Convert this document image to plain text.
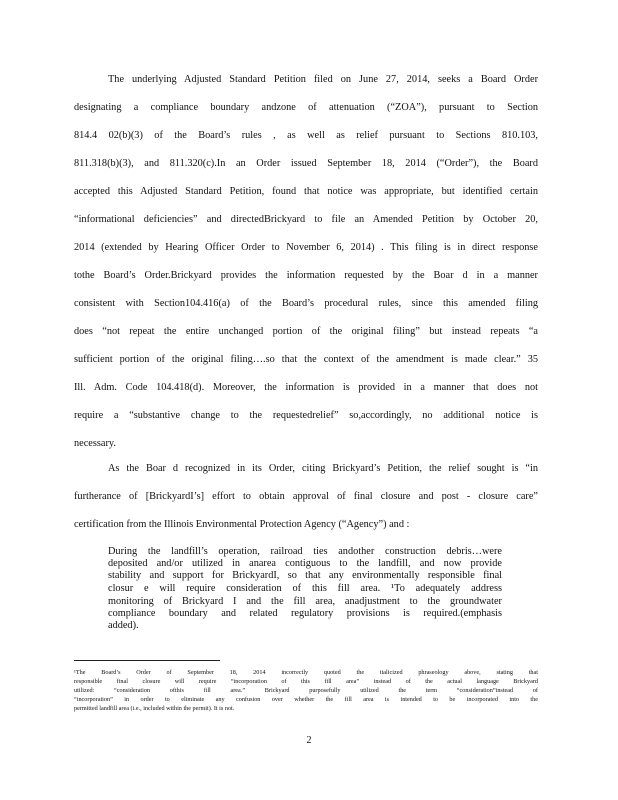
The underlying Adjusted Standard Petition filed on June 27, 2014, seeks a Board Order
designating a compliance boundary andzone of attenuation (“ZOA”), pursuant to Section
814.4 02(b)(3) of the Board’s rules , as well as relief pursuant to Sections 810.103,
811.318(b)(3), and 811.320(c).In an Order issued September 18, 2014 (“Order”), the Board
accepted this Adjusted Standard Petition, found that notice was appropriate, but identified certain
“informational deficiencies” and directedBrickyard to file an Amended Petition by October 20,
2014 (extended by Hearing Officer Order to November 6, 2014) . This filing is in direct response
tothe Board’s Order.Brickyard provides the information requested by the Boar d in a manner
consistent with Section104.416(a) of the Board’s procedural rules, since this amended filing
does “not repeat the entire unchanged portion of the original filing” but instead repeats “a
sufficient portion of the original filing….so that the context of the amendment is made clear.” 35
Ill. Adm. Code 104.418(d). Moreover, the information is provided in a manner that does not
require a “substantive change to the requestedrelief” so,accordingly, no additional notice is
necessary.
As the Boar d recognized in its Order, citing Brickyard’s Petition, the relief sought is “in
furtherance of [BrickyardI’s] effort to obtain approval of final closure and post - closure care”
certification from the Illinois Environmental Protection Agency (“Agency”) and :
During the landfill’s operation, railroad ties andother construction debris…were
deposited and/or utilized in anarea contiguous to the landfill, and now provide
stability and support for BrickyardI, so that any environmentally responsible final
closur e will require consideration of this fill area. ¹To adequately address
monitoring of Brickyard I and the fill area, anadjustment to the groundwater
compliance boundary and related regulatory provisions is required.(emphasis
added).
¹The Board’s Order of September 18, 2014 incorrectly quoted the italicized phraseology above, stating that
responsible final closure will require “incorporation of this fill area” instead of the actual language Brickyard
utilized: “consideration ofthis fill area.” Brickyard purposefully utilized the term “consideration”instead of
“incorporation” in order to eliminate any confusion over whether the fill area is intended to be incorporated into the
permitted landfill area (i.e., included within the permit). It is not.
2
